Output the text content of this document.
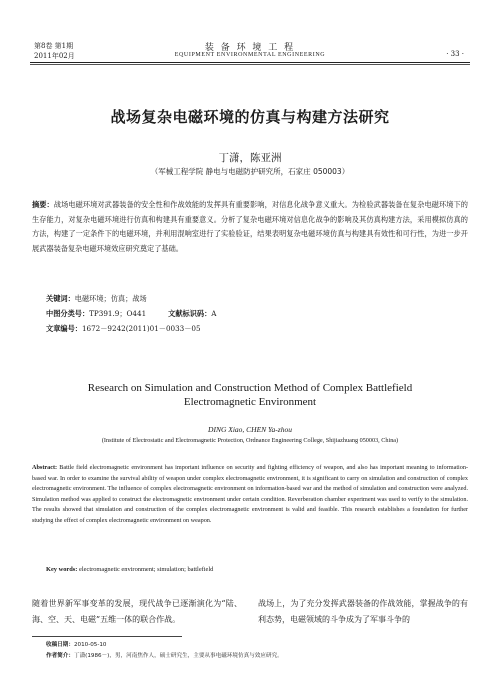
第8卷 第1期
2011年02月
装 备 环 境 工 程
EQUIPMENT ENVIRONMENTAL ENGINEERING	· 33 ·
战场复杂电磁环境的仿真与构建方法研究
丁潇，陈亚洲
（军械工程学院 静电与电磁防护研究所，石家庄 050003）
摘要：战场电磁环境对武器装备的安全性和作战效能的发挥具有重要影响，对信息化战争意义重大。为检验武器装备在复杂电磁环境下的生存能力，对复杂电磁环境进行仿真和构建具有重要意义。分析了复杂电磁环境对信息化战争的影响及其仿真构建方法，采用模拟仿真的方法，构建了一定条件下的电磁环境，并利用混响室进行了实验验证，结果表明复杂电磁环境仿真与构建具有效性和可行性，为进一步开展武器装备复杂电磁环境效应研究奠定了基础。
关键词：电磁环境；仿真；战场
中图分类号：TP391.9；O441	文献标识码：A
文章编号：1672－9242(2011)01－0033－05
Research on Simulation and Construction Method of Complex Battlefield
Electromagnetic Environment
DING Xiao, CHEN Ya-zhou
(Institute of Electrostatic and Electromagnetic Protection, Ordnance Engineering College, Shijiazhuang 050003, China)
Abstract: Battle field electromagnetic environment has important influence on security and fighting efficiency of weapon, and also has important meaning to information-based war. In order to examine the survival ability of weapon under complex electromagnetic environment, it is significant to carry on simulation and construction of complex electromagnetic environment. The influence of complex electromagnetic environment on information-based war and the method of simulation and construction were analyzed. Simulation method was applied to construct the electromagnetic environment under certain condition. Reverberation chamber experiment was used to verify to the simulation. The results showed that simulation and construction of the complex electromagnetic environment is valid and feasible. This research establishes a foundation for further studying the effect of complex electromagnetic environment on weapon.
Key words: electromagnetic environment; simulation; battlefield
随着世界新军事变革的发展，现代战争已逐渐演化为“陆、海、空、天、电磁”五维一体的联合作战。
战场上，为了充分发挥武器装备的作战效能，掌握战争的有利态势，电磁领域的斗争成为了军事斗争的
收稿日期：2010-05-10
作者简介：丁潇(1986－)，男，河南焦作人，硕士研究生，主要从事电磁环境仿真与效应研究。
